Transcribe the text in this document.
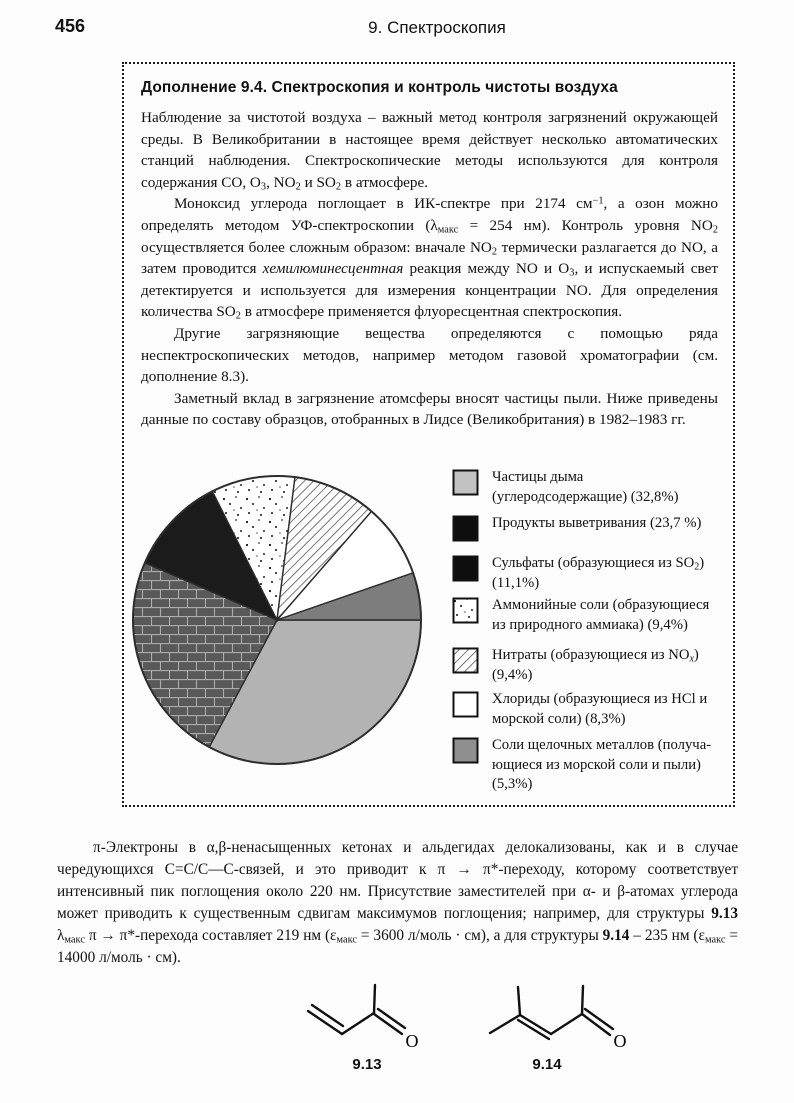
456	9. Спектроскопия
Дополнение 9.4. Спектроскопия и контроль чистоты воздуха

Наблюдение за чистотой воздуха – важный метод контроля загрязнений окружающей среды. В Великобритании в настоящее время действует несколько автоматических станций наблюдения. Спектроскопические методы используются для контроля содержания CO, $O_3$, $NO_2$ и $SO_2$ в атмосфере.

Моноксид углерода поглощает в ИК-спектре при 2174 $см^{-1}$, а озон можно определять методом УФ-спектроскопии ($\lambda_{макс} = 254$ нм). Контроль уровня $NO_2$ осуществляется более сложным образом: вначале $NO_2$ термически разлагается до NO, а затем проводится хемилюминесцентная реакция между NO и $O_3$, и испускаемый свет детектируется и используется для измерения концентрации NO. Для определения количества $SO_2$ в атмосфере применяется флуоресцентная спектроскопия.

Другие загрязняющие вещества определяются с помощью ряда неспектроскопических методов, например методом газовой хроматографии (см. дополнение 8.3).

Заметный вклад в загрязнение атомсферы вносят частицы пыли. Ниже приведены данные по составу образцов, отобранных в Лидсе (Великобритания) в 1982–1983 гг.

Частицы дыма
(углеродсодержащие) (32,8%)
Продукты выветривания (23,7 %)
Сульфаты (образующиеся из $SO_2$)
(11,1%)
Аммонийные соли (образующиеся
из природного аммиака) (9,4%)
Нитраты (образующиеся из $NO_x$)
(9,4%)
Хлориды (образующиеся из HCl и
морской соли) (8,3%)
Соли щелочных металлов (получа-
ющиеся из морской соли и пыли)
(5,3%)

π-Электроны в α,β-ненасыщенных кетонах и альдегидах делокализованы, как и в случае чередующихся C=C/C—C-связей, и это приводит к π → π*-переходу, которому соответствует интенсивный пик поглощения около 220 нм. Присутствие заместителей при α- и β-атомах углерода может приводить к существенным сдвигам максимумов поглощения; например, для структуры 9.13 $\lambda_{макс}$ π → π*-перехода составляет 219 нм ($\varepsilon_{макс} = 3600$ л/моль · см), а для структуры 9.14 – 235 нм ($\varepsilon_{макс} = 14000$ л/моль · см).

O	O
9.13	9.14
